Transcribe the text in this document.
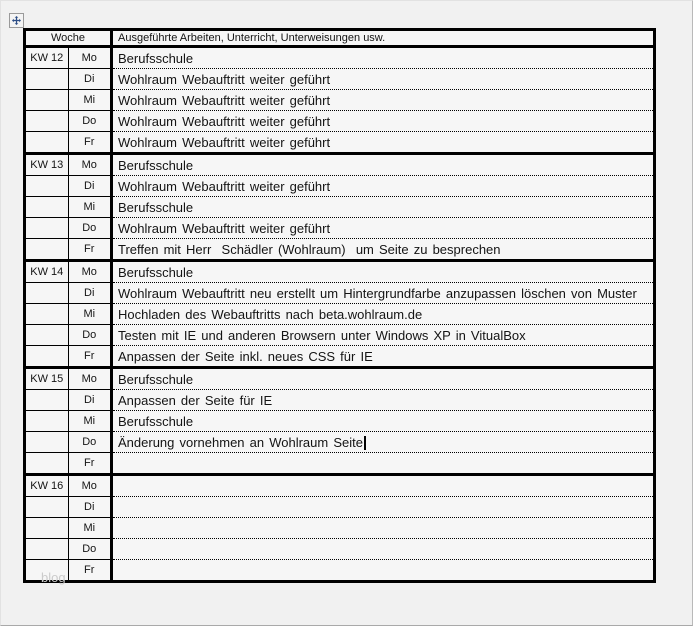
Woche		Ausgeführte Arbeiten, Unterricht, Unterweisungen usw.
KW 12	Mo	Berufsschule
	Di	Wohlraum Webauftritt weiter geführt
	Mi	Wohlraum Webauftritt weiter geführt
	Do	Wohlraum Webauftritt weiter geführt
	Fr	Wohlraum Webauftritt weiter geführt
KW 13	Mo	Berufsschule
	Di	Wohlraum Webauftritt weiter geführt
	Mi	Berufsschule
	Do	Wohlraum Webauftritt weiter geführt
	Fr	Treffen mit Herr  Schädler (Wohlraum)  um Seite zu besprechen
KW 14	Mo	Berufsschule
	Di	Wohlraum Webauftritt neu erstellt um Hintergrundfarbe anzupassen löschen von Muster
	Mi	Hochladen des Webauftritts nach beta.wohlraum.de
	Do	Testen mit IE und anderen Browsern unter Windows XP in VitualBox
	Fr	Anpassen der Seite inkl. neues CSS für IE
KW 15	Mo	Berufsschule
	Di	Anpassen der Seite für IE
	Mi	Berufsschule
	Do	Änderung vornehmen an Wohlraum Seite
	Fr	
KW 16	Mo	
	Di	
	Mi	
	Do	
	Fr	
blog
